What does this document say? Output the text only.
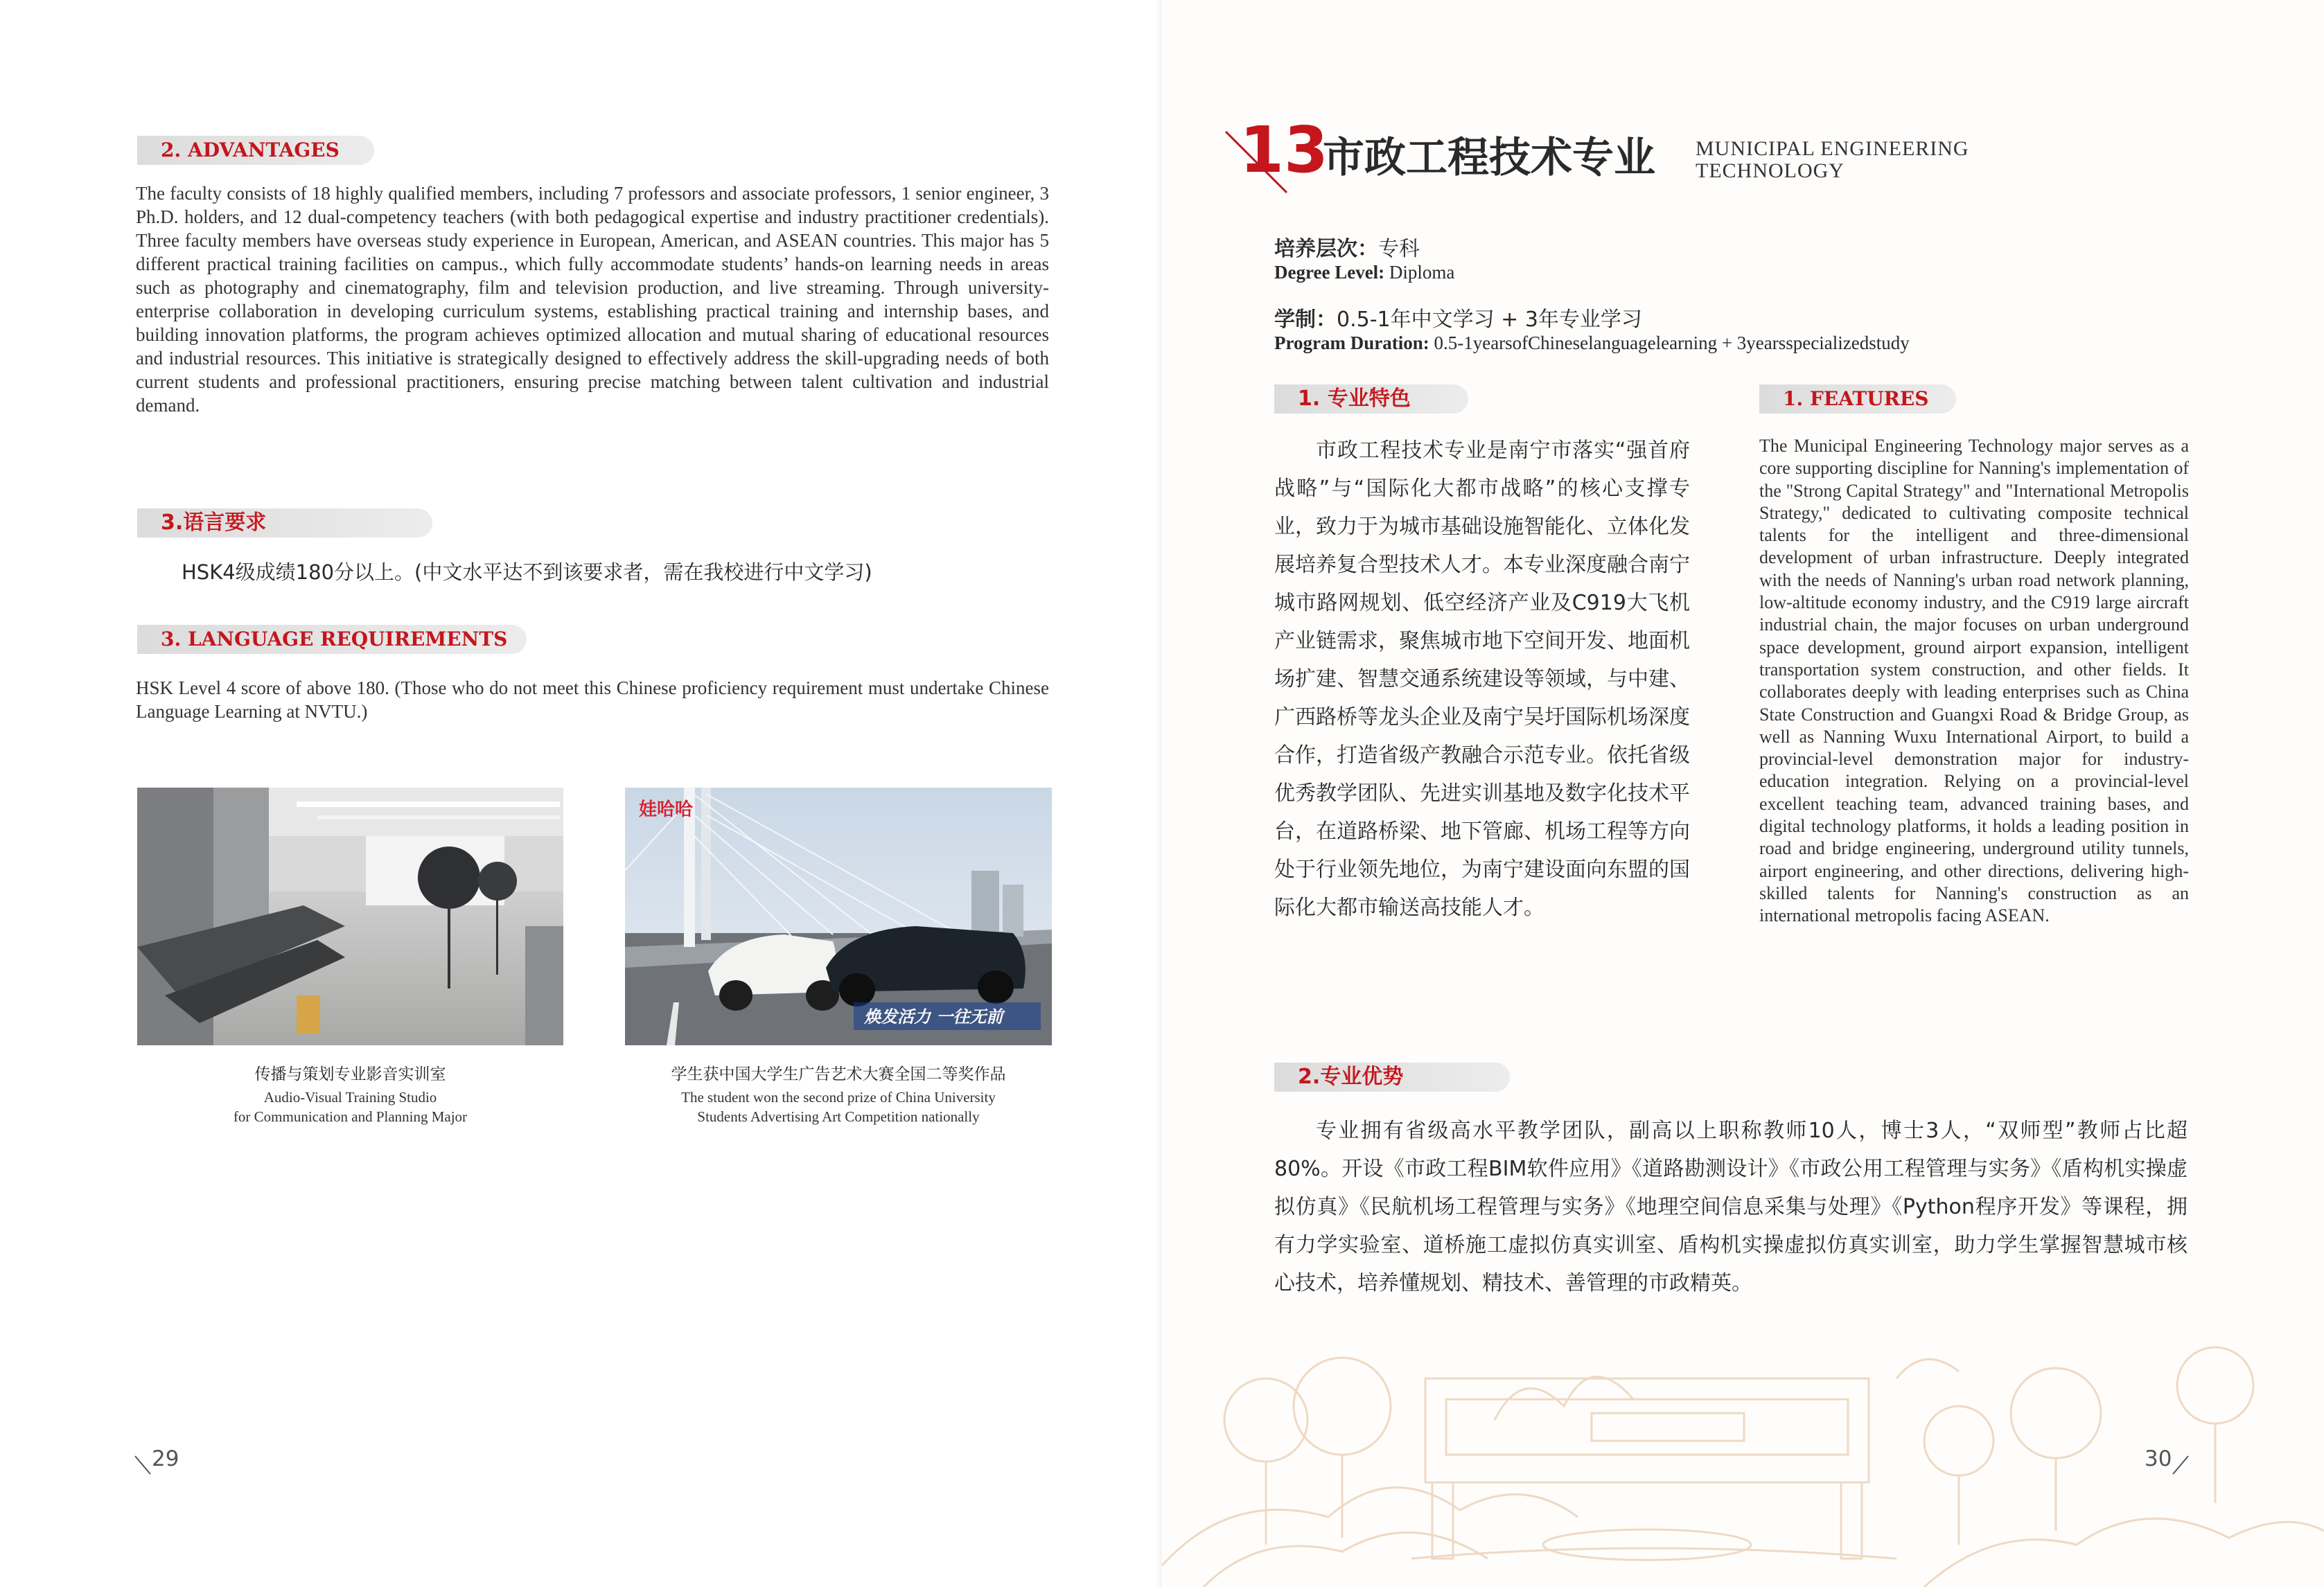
2. ADVANTAGES
The faculty consists of 18 highly qualified members, including 7 professors and associate professors, 1 senior engineer, 3 Ph.D. holders, and 12 dual-competency teachers (with both pedagogical expertise and industry practitioner credentials). Three faculty members have overseas study experience in European, American, and ASEAN countries. This major has 5 different practical training facilities on campus., which fully accommodate students’ hands-on learning needs in areas such as photography and cinematography, film and television production, and live streaming. Through university-enterprise collaboration in developing curriculum systems, establishing practical training and internship bases, and building innovation platforms, the program achieves optimized allocation and mutual sharing of educational resources and industrial resources. This initiative is strategically designed to effectively address the skill-upgrading needs of both current students and professional practitioners, ensuring precise matching between talent cultivation and industrial demand.
3.语言要求
HSK4级成绩180分以上。(中文水平达不到该要求者，需在我校进行中文学习)
3. LANGUAGE REQUIREMENTS
HSK Level 4 score of above 180. (Those who do not meet this Chinese proficiency requirement must undertake Chinese Language Learning at NVTU.)
传播与策划专业影音实训室
Audio-Visual Training Studio
for Communication and Planning Major
娃哈哈
焕发活力 一往无前
学生获中国大学生广告艺术大赛全国二等奖作品
The student won the second prize of China University
Students Advertising Art Competition nationally
29
13
市政工程技术专业 MUNICIPAL ENGINEERING
TECHNOLOGY
培养层次：专科
Degree Level: Diploma
学制：0.5-1年中文学习 + 3年专业学习
Program Duration: 0.5-1yearsofChineselanguagelearning + 3yearsspecializedstudy
1. 专业特色
市政工程技术专业是南宁市落实“强首府战略”与“国际化大都市战略”的核心支撑专业，致力于为城市基础设施智能化、立体化发展培养复合型技术人才。本专业深度融合南宁城市路网规划、低空经济产业及C919大飞机产业链需求，聚焦城市地下空间开发、地面机场扩建、智慧交通系统建设等领域，与中建、广西路桥等龙头企业及南宁吴圩国际机场深度合作，打造省级产教融合示范专业。依托省级优秀教学团队、先进实训基地及数字化技术平台，在道路桥梁、地下管廊、机场工程等方向处于行业领先地位，为南宁建设面向东盟的国际化大都市输送高技能人才。
1. FEATURES
The Municipal Engineering Technology major serves as a core supporting discipline for Nanning's implementation of the "Strong Capital Strategy" and "International Metropolis Strategy," dedicated to cultivating composite technical talents for the intelligent and three-dimensional development of urban infrastructure. Deeply integrated with the needs of Nanning's urban road network planning, low-altitude economy industry, and the C919 large aircraft industrial chain, the major focuses on urban underground space development, ground airport expansion, intelligent transportation system construction, and other fields. It collaborates deeply with leading enterprises such as China State Construction and Guangxi Road & Bridge Group, as well as Nanning Wuxu International Airport, to build a provincial-level demonstration major for industry-education integration. Relying on a provincial-level excellent teaching team, advanced training bases, and digital technology platforms, it holds a leading position in road and bridge engineering, underground utility tunnels, airport engineering, and other directions, delivering high-skilled talents for Nanning's construction as an international metropolis facing ASEAN.
2.专业优势
专业拥有省级高水平教学团队，副高以上职称教师10人，博士3人，“双师型”教师占比超80%。开设《市政工程BIM软件应用》《道路勘测设计》《市政公用工程管理与实务》《盾构机实操虚拟仿真》《民航机场工程管理与实务》《地理空间信息采集与处理》《Python程序开发》等课程，拥有力学实验室、道桥施工虚拟仿真实训室、盾构机实操虚拟仿真实训室，助力学生掌握智慧城市核心技术，培养懂规划、精技术、善管理的市政精英。
30
